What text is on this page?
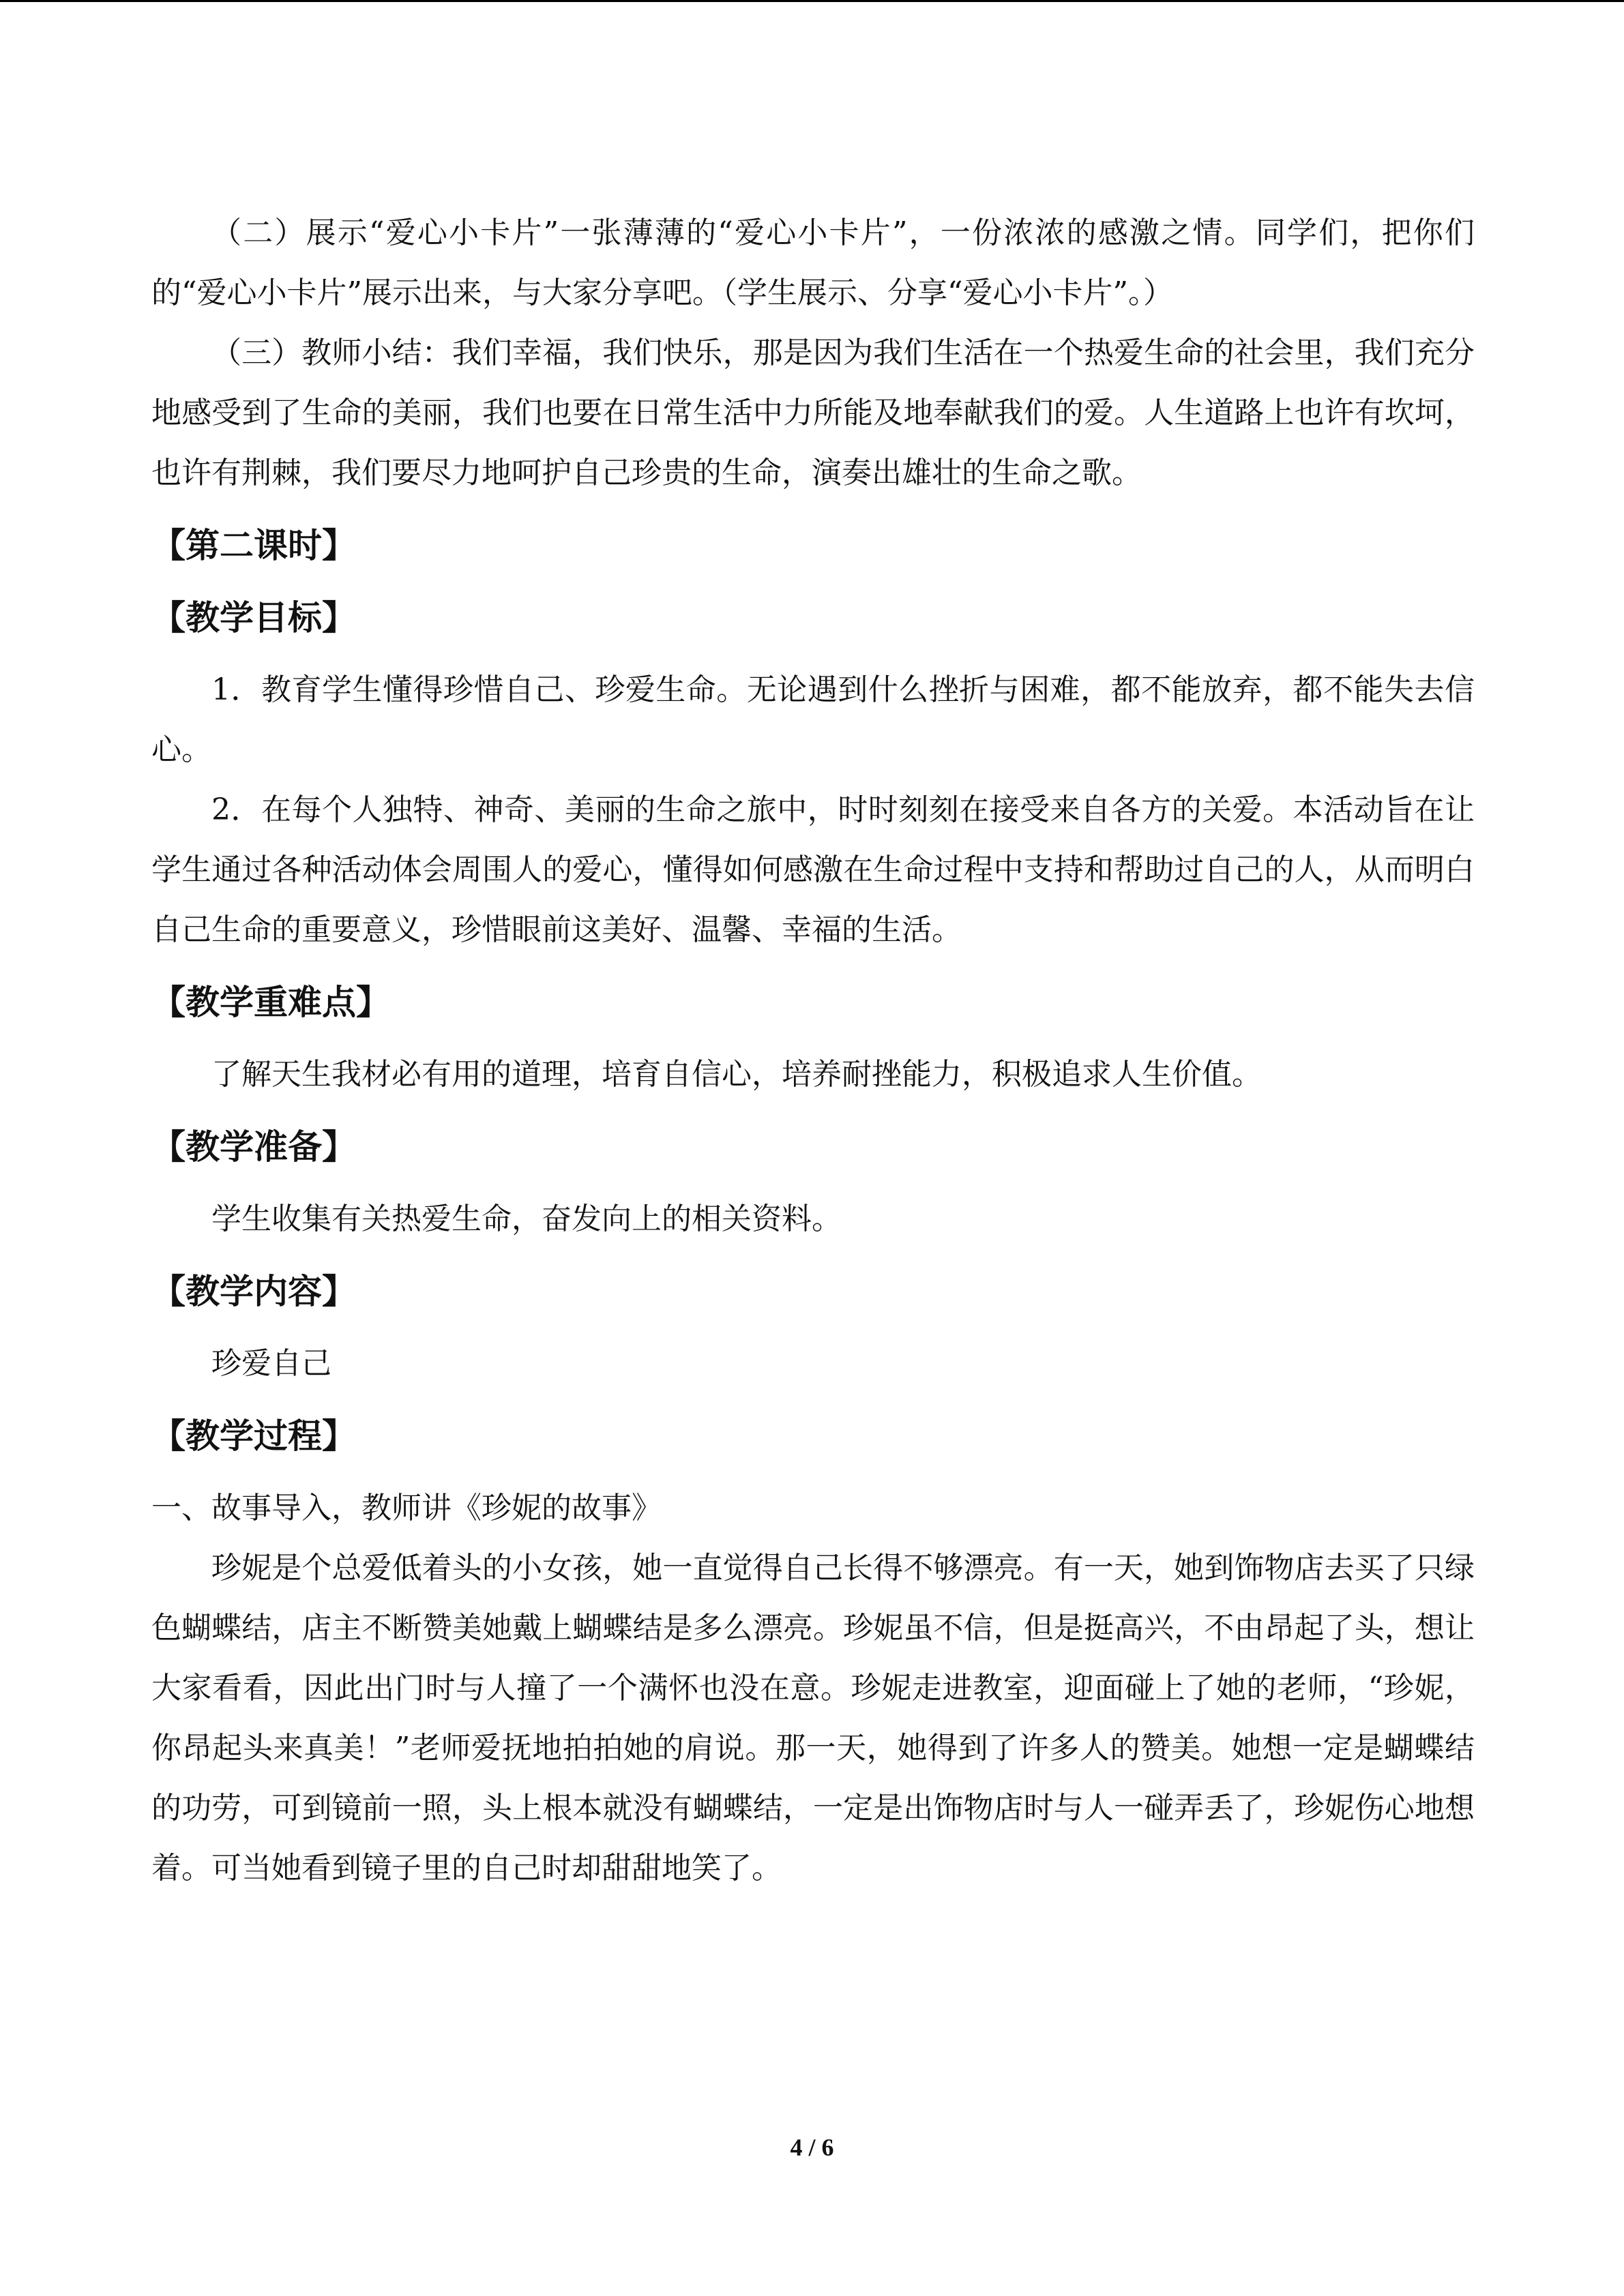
（二）展示“爱心小卡片”一张薄薄的“爱心小卡片”，一份浓浓的感激之情。同学们，把你们的“爱心小卡片”展示出来，与大家分享吧。（学生展示、分享“爱心小卡片”。）

（三）教师小结：我们幸福，我们快乐，那是因为我们生活在一个热爱生命的社会里，我们充分地感受到了生命的美丽，我们也要在日常生活中力所能及地奉献我们的爱。人生道路上也许有坎坷，也许有荆棘，我们要尽力地呵护自己珍贵的生命，演奏出雄壮的生命之歌。

【第二课时】
【教学目标】

1．教育学生懂得珍惜自己、珍爱生命。无论遇到什么挫折与困难，都不能放弃，都不能失去信心。

2．在每个人独特、神奇、美丽的生命之旅中，时时刻刻在接受来自各方的关爱。本活动旨在让学生通过各种活动体会周围人的爱心，懂得如何感激在生命过程中支持和帮助过自己的人，从而明白自己生命的重要意义，珍惜眼前这美好、温馨、幸福的生活。

【教学重难点】

了解天生我材必有用的道理，培育自信心，培养耐挫能力，积极追求人生价值。

【教学准备】

学生收集有关热爱生命，奋发向上的相关资料。

【教学内容】

珍爱自己

【教学过程】

一、故事导入，教师讲《珍妮的故事》

珍妮是个总爱低着头的小女孩，她一直觉得自己长得不够漂亮。有一天，她到饰物店去买了只绿色蝴蝶结，店主不断赞美她戴上蝴蝶结是多么漂亮。珍妮虽不信，但是挺高兴，不由昂起了头，想让大家看看，因此出门时与人撞了一个满怀也没在意。珍妮走进教室，迎面碰上了她的老师，“珍妮，你昂起头来真美！”老师爱抚地拍拍她的肩说。那一天，她得到了许多人的赞美。她想一定是蝴蝶结的功劳，可到镜前一照，头上根本就没有蝴蝶结，一定是出饰物店时与人一碰弄丢了，珍妮伤心地想着。可当她看到镜子里的自己时却甜甜地笑了。

4 / 6
